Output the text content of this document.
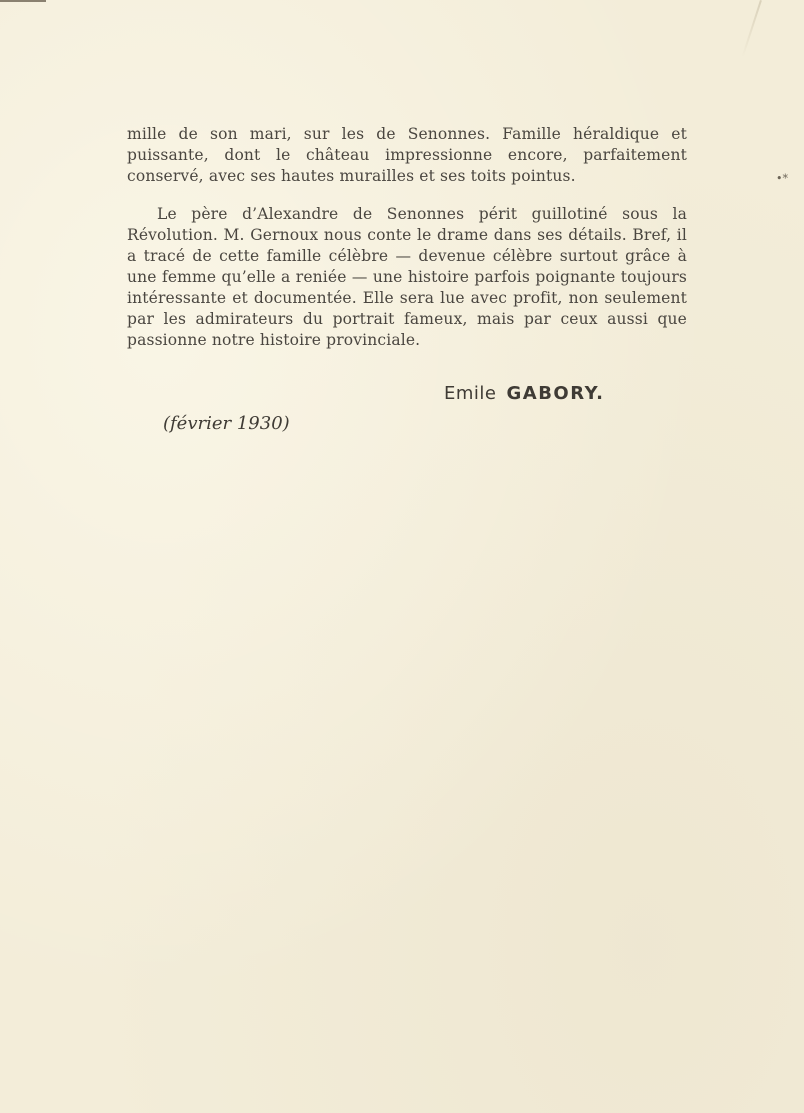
mille de son mari, sur les de Senonnes. Famille héraldique et puissante, dont le château impressionne encore, parfaitement conservé, avec ses hautes murailles et ses toits pointus.

Le père d’Alexandre de Senonnes périt guillotiné sous la Révolution. M. Gernoux nous conte le drame dans ses détails. Bref, il a tracé de cette famille célèbre — devenue célèbre surtout grâce à une femme qu’elle a reniée — une histoire parfois poignante toujours intéressante et documentée. Elle sera lue avec profit, non seulement par les admirateurs du portrait fameux, mais par ceux aussi que passionne notre histoire provinciale.

•*
Emile GABORY.
(février 1930)
